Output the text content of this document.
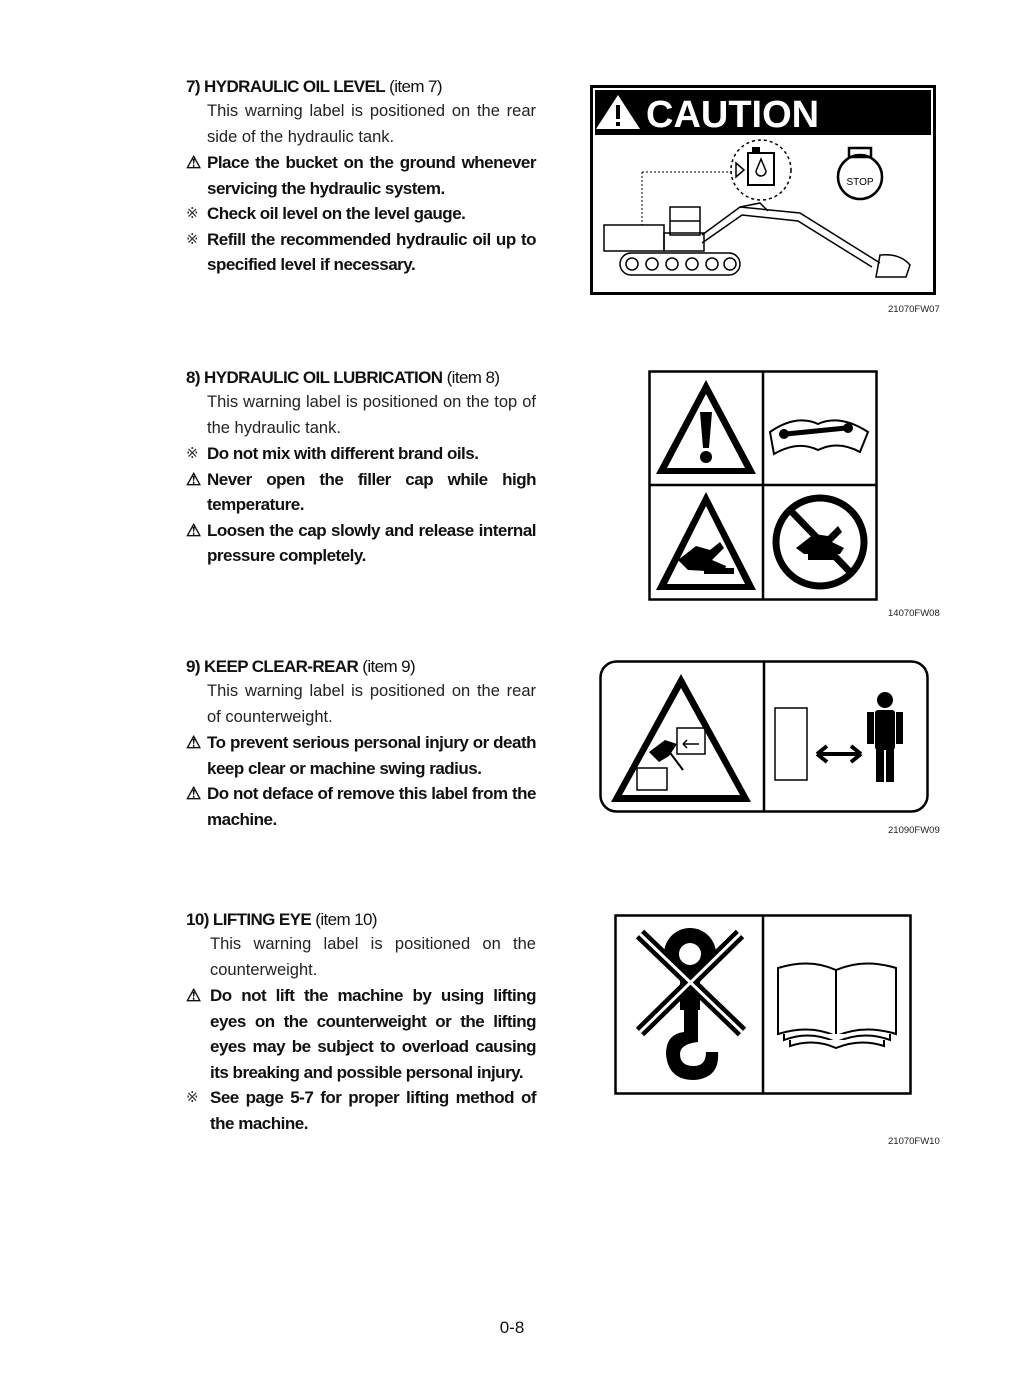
7) HYDRAULIC OIL LEVEL (item 7)
This warning label is positioned on the rear side of the hydraulic tank.
⚠ Place the bucket on the ground whenever servicing the hydraulic system.
※ Check oil level on the level gauge.
※ Refill the recommended hydraulic oil up to specified level if necessary.
CAUTION
STOP
21070FW07
8) HYDRAULIC OIL LUBRICATION (item 8)
This warning label is positioned on the top of the hydraulic tank.
※ Do not mix with different brand oils.
⚠ Never open the filler cap while high temperature.
⚠ Loosen the cap slowly and release internal pressure completely.
14070FW08
9) KEEP CLEAR-REAR (item 9)
This warning label is positioned on the rear of counterweight.
⚠ To prevent serious personal injury or death keep clear or machine swing radius.
⚠ Do not deface of remove this label from the machine.
21090FW09
10) LIFTING EYE (item 10)
This warning label is positioned on the counterweight.
⚠ Do not lift the machine by using lifting eyes on the counterweight or the lifting eyes may be subject to overload causing its breaking and possible personal injury.
※ See page 5-7 for proper lifting method of the machine.
21070FW10
0-8
